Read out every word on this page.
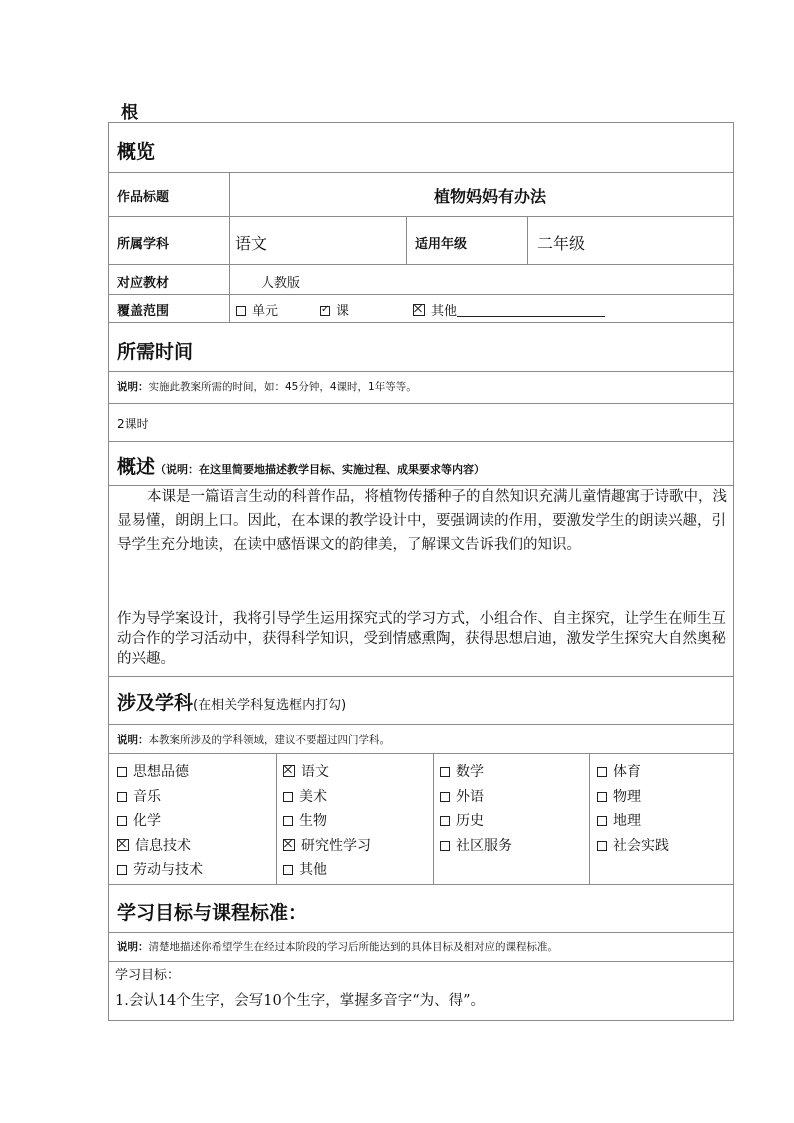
根
概览
作品标题	植物妈妈有办法
所属学科	语文	适用年级	二年级
对应教材	人教版
覆盖范围	单元
✓	课	其他
所需时间
说明：实施此教案所需的时间，如：45分钟，4课时，1年等等。
2课时
概述（说明：在这里简要地描述教学目标、实施过程、成果要求等内容）
本课是一篇语言生动的科普作品，将植物传播种子的自然知识充满儿童情趣寓于诗歌中，浅显易懂，朗朗上口。因此，在本课的教学设计中，要强调读的作用，要激发学生的朗读兴趣，引导学生充分地读，在读中感悟课文的韵律美，了解课文告诉我们的知识。
作为导学案设计，我将引导学生运用探究式的学习方式，小组合作、自主探究，让学生在师生互动合作的学习活动中，获得科学知识，受到情感熏陶，获得思想启迪，激发学生探究大自然奥秘的兴趣。
涉及学科(在相关学科复选框内打勾)
说明：本教案所涉及的学科领域，建议不要超过四门学科。
思想品德
音乐
化学
信息技术
劳动与技术
语文
美术
生物
研究性学习
其他
数学
外语
历史
社区服务
体育
物理
地理
社会实践
学习目标与课程标准：
说明：清楚地描述你希望学生在经过本阶段的学习后所能达到的具体目标及相对应的课程标准。
学习目标：
1.会认14个生字，会写10个生字，掌握多音字“为、得”。
